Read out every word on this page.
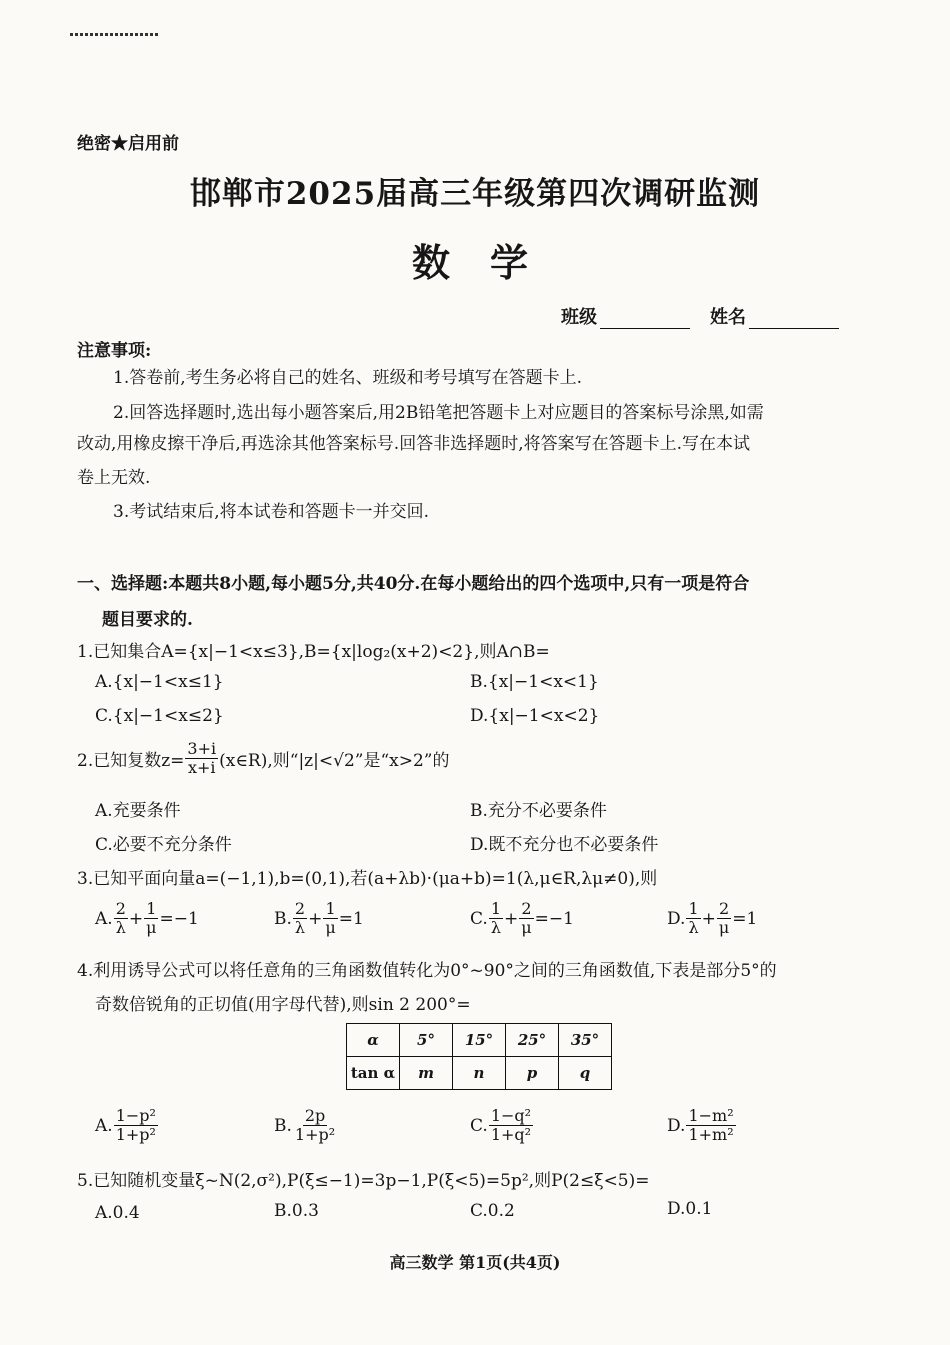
绝密★启用前
邯郸市2025届高三年级第四次调研监测
数学
班级	姓名
注意事项:
1.答卷前,考生务必将自己的姓名、班级和考号填写在答题卡上.
2.回答选择题时,选出每小题答案后,用2B铅笔把答题卡上对应题目的答案标号涂黑,如需
改动,用橡皮擦干净后,再选涂其他答案标号.回答非选择题时,将答案写在答题卡上.写在本试
卷上无效.
3.考试结束后,将本试卷和答题卡一并交回.
一、选择题:本题共8小题,每小题5分,共40分.在每小题给出的四个选项中,只有一项是符合
题目要求的.
1.已知集合A={x|−1<x≤3},B={x|log₂(x+2)<2},则A∩B=
A.{x|−1<x≤1}	B.{x|−1<x<1}
C.{x|−1<x≤2}	D.{x|−1<x<2}
2.已知复数$z= \frac{3+i}{x+i}$ (x∈R),则“|z|<√2”是“x>2”的
A.充要条件	B.充分不必要条件
C.必要不充分条件	D.既不充分也不必要条件
3.已知平面向量a=(−1,1),b=(0,1),若(a+λb)·(μa+b)=1(λ,μ∈R,λμ≠0),则
A. $\frac{2}{\lambda} + \frac{1}{\mu} =-1$	B. $\frac{2}{\lambda} + \frac{1}{\mu} =1$	C. $\frac{1}{\lambda} + \frac{2}{\mu} =-1$	D. $\frac{1}{\lambda} + \frac{2}{\mu} =1$
4.利用诱导公式可以将任意角的三角函数值转化为0°~90°之间的三角函数值,下表是部分5°的
奇数倍锐角的正切值(用字母代替),则sin 2 200°=
α	5°	15°	25°	35°
tan α	m	n	p	q
A. $\frac{\text{1−p²}}{\text{1+p²}}$	B. $\frac{2p}{\text{1+p²}}$	C. $\frac{\text{1−q²}}{\text{1+q²}}$	D. $\frac{\text{1−m²}}{\text{1+m²}}$
5.已知随机变量ξ~N(2,σ²),P(ξ≤−1)=3p−1,P(ξ<5)=5p²,则P(2≤ξ<5)=
A.0.4	B.0.3	C.0.2	D.0.1
高三数学 第1页(共4页)
